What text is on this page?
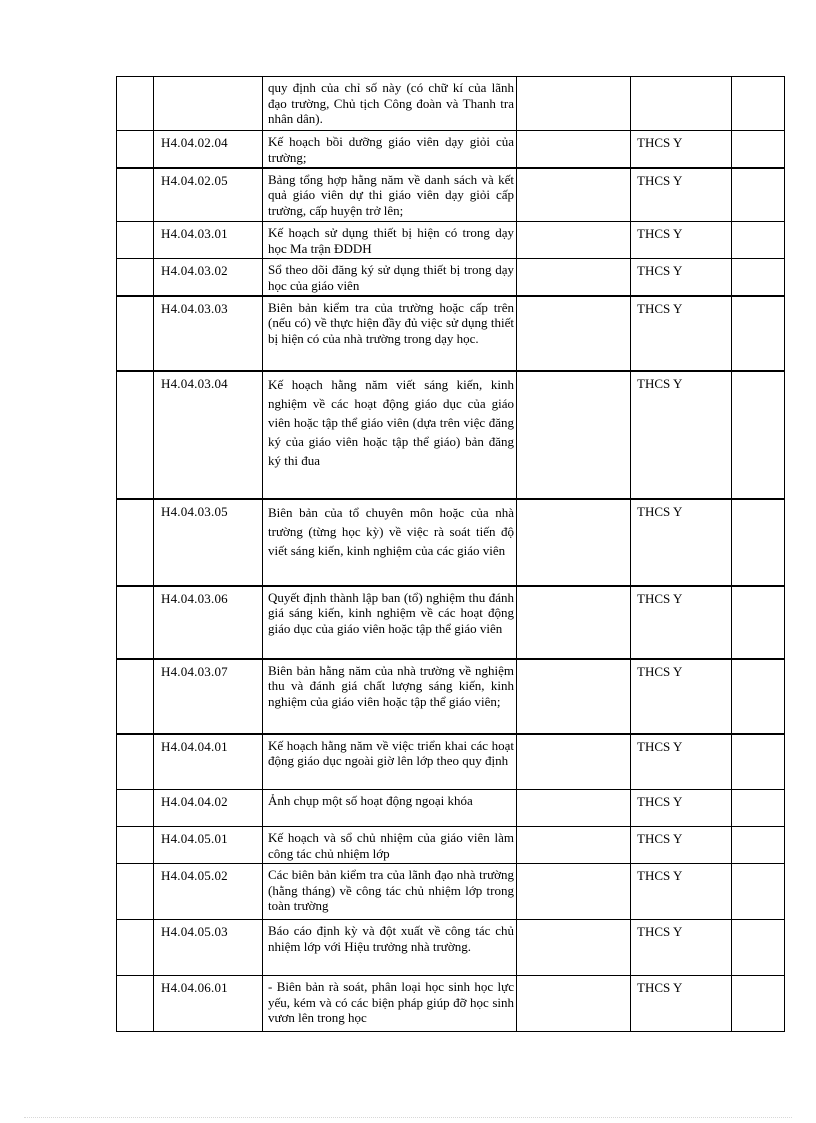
		quy định của chỉ số này (có chữ kí của lãnh đạo trường, Chủ tịch Công đoàn và Thanh tra nhân dân).			
	H4.04.02.04	Kế hoạch bồi dưỡng giáo viên dạy giỏi của trường;		THCS Y	
	H4.04.02.05	Bảng tổng hợp hằng năm về danh sách và kết quả giáo viên dự thi giáo viên dạy giỏi cấp trường, cấp huyện trở lên;		THCS Y	
	H4.04.03.01	Kế hoạch sử dụng thiết bị hiện có trong dạy học Ma trận ĐDDH		THCS Y	
	H4.04.03.02	Sổ theo dõi đăng ký sử dụng thiết bị trong dạy học của giáo viên		THCS Y	
	H4.04.03.03	Biên bản kiểm tra của trường hoặc cấp trên (nếu có) về thực hiện đầy đủ việc sử dụng thiết bị hiện có của nhà trường trong dạy học.		THCS Y	
	H4.04.03.04	Kế hoạch hằng năm viết sáng kiến, kinh nghiệm về các hoạt động giáo dục của giáo viên hoặc tập thể giáo viên (dựa trên việc đăng ký của giáo viên hoặc tập thể giáo) bản đăng ký thi đua		THCS Y	
	H4.04.03.05	Biên bản của tổ chuyên môn hoặc của nhà trường (từng học kỳ) về việc rà soát tiến độ viết sáng kiến, kinh nghiệm của các giáo viên		THCS Y	
	H4.04.03.06	Quyết định thành lập ban (tổ) nghiệm thu đánh giá sáng kiến, kinh nghiệm về các hoạt động giáo dục của giáo viên hoặc tập thể giáo viên		THCS Y	
	H4.04.03.07	Biên bản hằng năm của nhà trường về nghiệm thu và đánh giá chất lượng sáng kiến, kinh nghiệm của giáo viên hoặc tập thể giáo viên;		THCS Y	
	H4.04.04.01	Kế hoạch hằng năm về việc triển khai các hoạt động giáo dục ngoài giờ lên lớp theo quy định		THCS Y	
	H4.04.04.02	Ảnh chụp một số hoạt động ngoại khóa		THCS Y	
	H4.04.05.01	Kế hoạch và sổ chủ nhiệm của giáo viên làm công tác chủ nhiệm lớp		THCS Y	
	H4.04.05.02	Các biên bản kiểm tra của lãnh đạo nhà trường (hằng tháng) về công tác chủ nhiệm lớp trong toàn trường		THCS Y	
	H4.04.05.03	Báo cáo định kỳ và đột xuất về công tác chủ nhiệm lớp với Hiệu trưởng nhà trường.		THCS Y	
	H4.04.06.01	- Biên bản rà soát, phân loại học sinh học lực yếu, kém và có các biện pháp giúp đỡ học sinh vươn lên trong học		THCS Y	
